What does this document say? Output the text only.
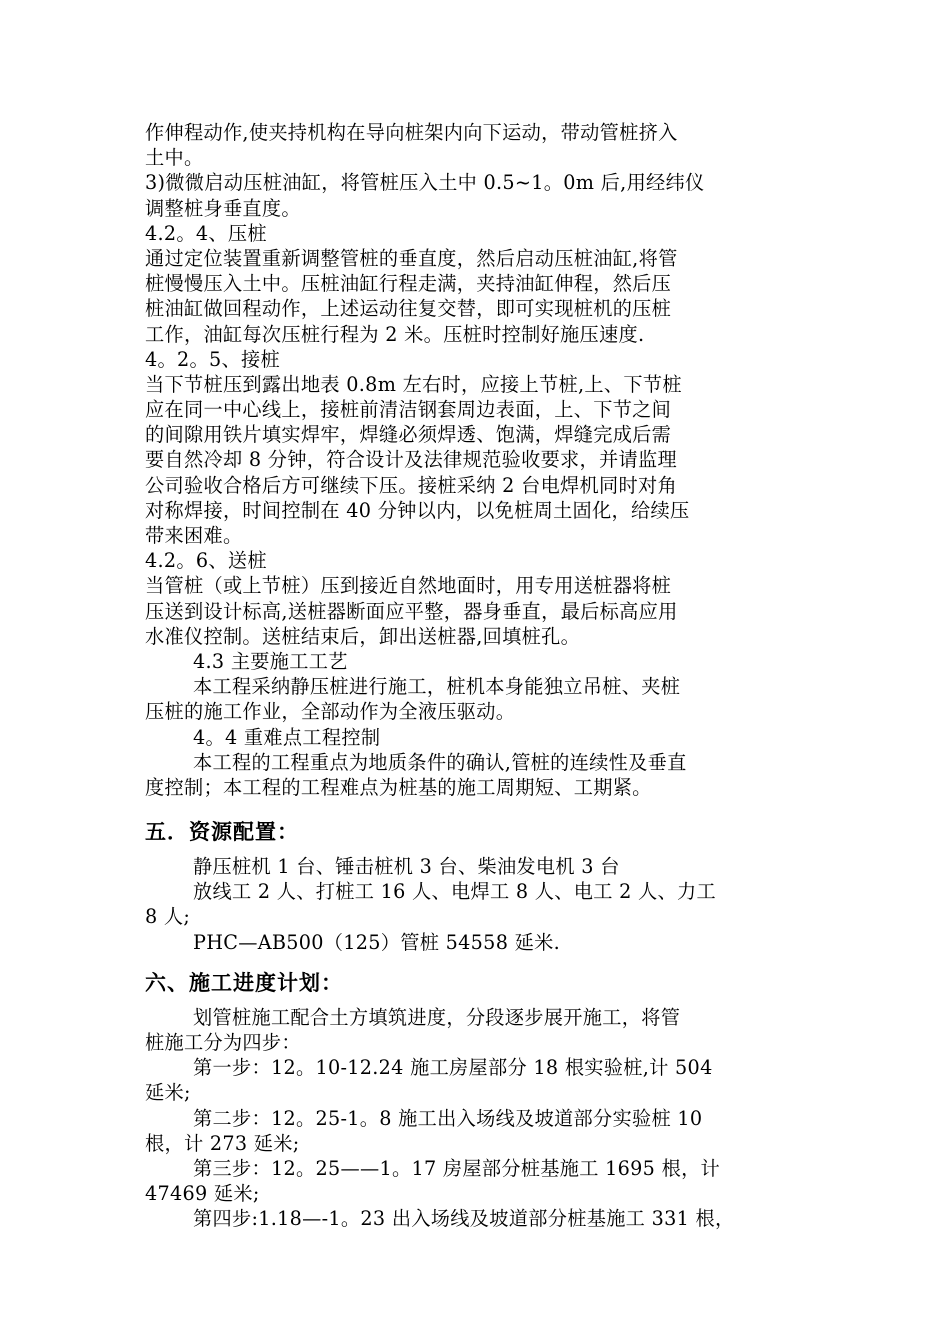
作伸程动作,使夹持机构在导向桩架内向下运动，带动管桩挤入
土中。
3)微微启动压桩油缸，将管桩压入土中 0.5~1。0m 后,用经纬仪
调整桩身垂直度。
4.2。4、压桩
通过定位装置重新调整管桩的垂直度，然后启动压桩油缸,将管
桩慢慢压入土中。压桩油缸行程走满，夹持油缸伸程，然后压
桩油缸做回程动作，上述运动往复交替，即可实现桩机的压桩
工作，油缸每次压桩行程为 2 米。压桩时控制好施压速度.
4。2。5、接桩
当下节桩压到露出地表 0.8m 左右时，应接上节桩,上、下节桩
应在同一中心线上，接桩前清洁钢套周边表面，上、下节之间
的间隙用铁片填实焊牢，焊缝必须焊透、饱满，焊缝完成后需
要自然冷却 8 分钟，符合设计及法律规范验收要求，并请监理
公司验收合格后方可继续下压。接桩采纳 2 台电焊机同时对角
对称焊接，时间控制在 40 分钟以内，以免桩周土固化，给续压
带来困难。
4.2。6、送桩
当管桩（或上节桩）压到接近自然地面时，用专用送桩器将桩
压送到设计标高,送桩器断面应平整，器身垂直，最后标高应用
水准仪控制。送桩结束后，卸出送桩器,回填桩孔。
4.3 主要施工工艺
本工程采纳静压桩进行施工，桩机本身能独立吊桩、夹桩
压桩的施工作业，全部动作为全液压驱动。
4。4 重难点工程控制
本工程的工程重点为地质条件的确认,管桩的连续性及垂直
度控制；本工程的工程难点为桩基的施工周期短、工期紧。
五．资源配置：
静压桩机 1 台、锤击桩机 3 台、柴油发电机 3 台
放线工 2 人、打桩工 16 人、电焊工 8 人、电工 2 人、力工
8 人;
PHC—AB500（125）管桩 54558 延米.
六、施工进度计划：
划管桩施工配合土方填筑进度，分段逐步展开施工，将管
桩施工分为四步：
第一步：12。10-12.24 施工房屋部分 18 根实验桩,计 504
延米;
第二步：12。25-1。8 施工出入场线及坡道部分实验桩 10
根，计 273 延米;
第三步：12。25——1。17 房屋部分桩基施工 1695 根，计
47469 延米;
第四步:1.18—-1。23 出入场线及坡道部分桩基施工 331 根，
